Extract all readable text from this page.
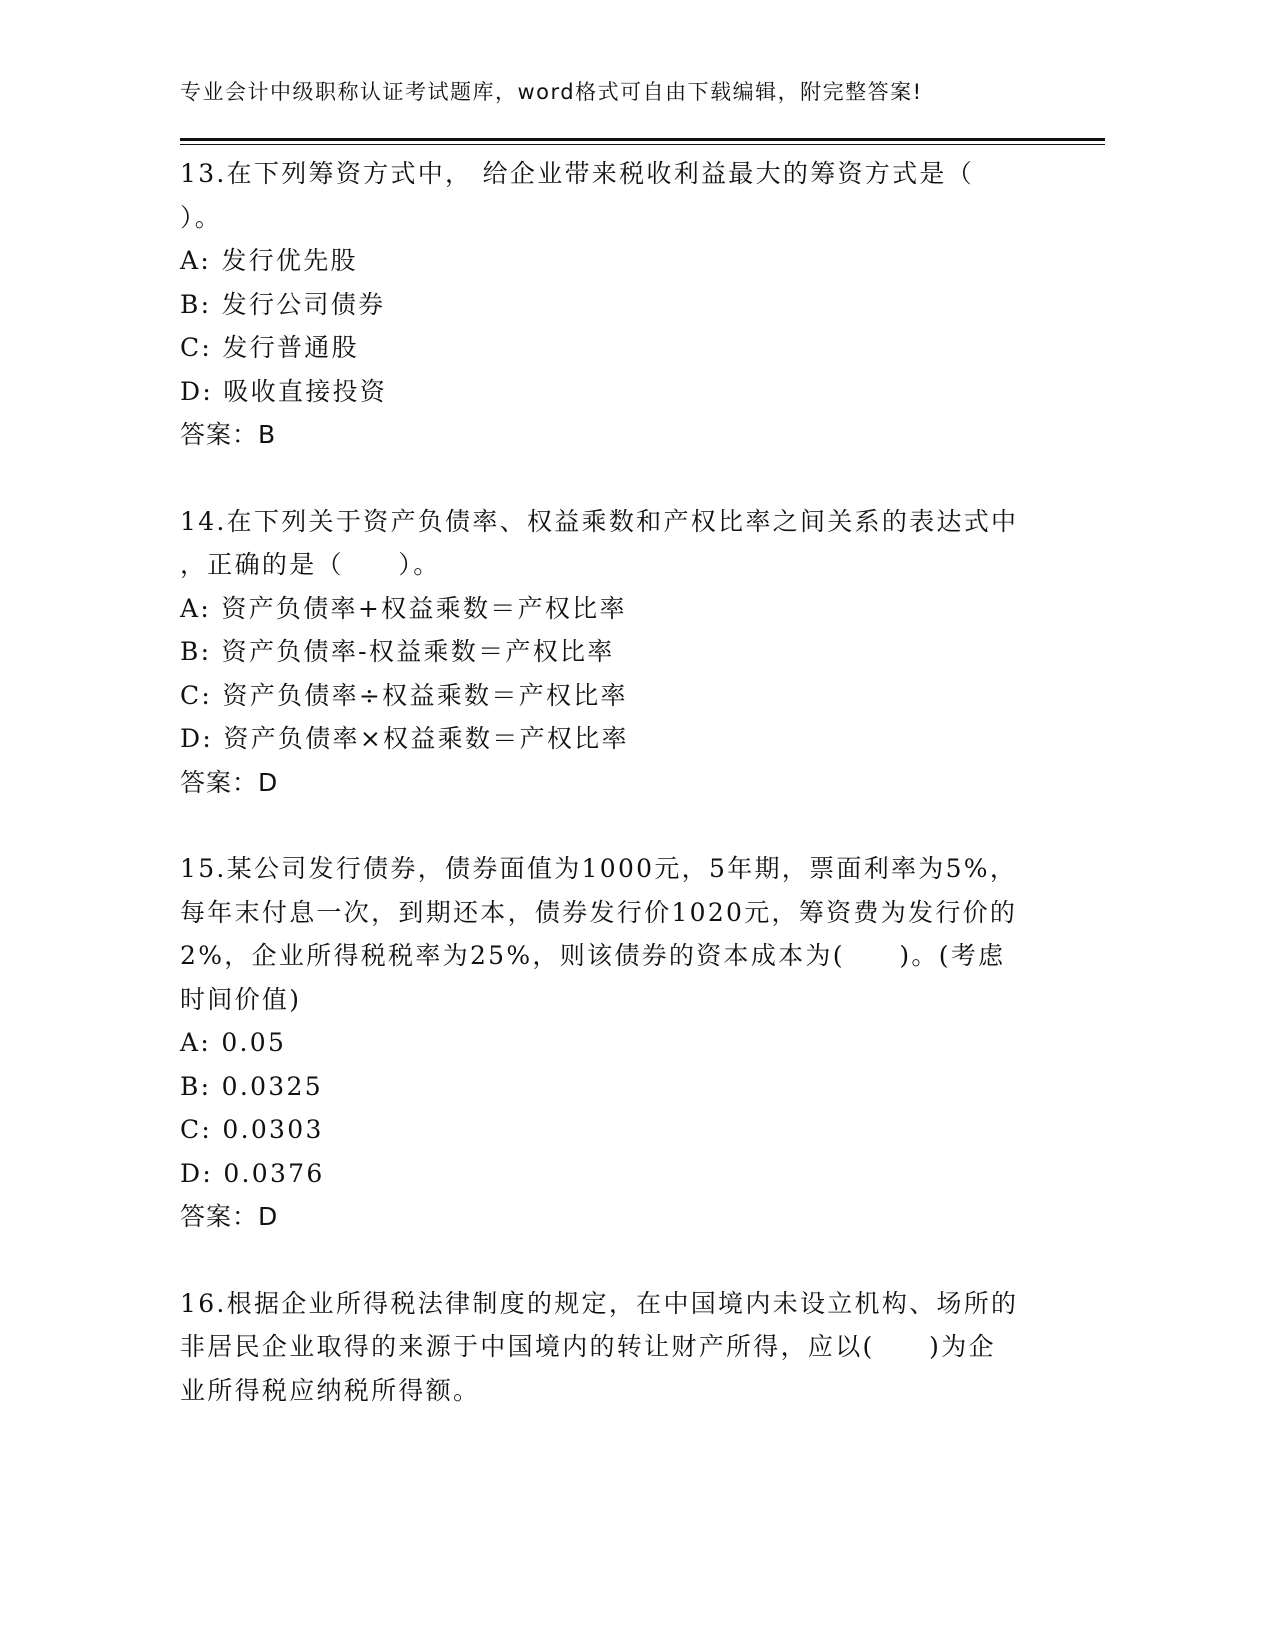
专业会计中级职称认证考试题库，word格式可自由下载编辑，附完整答案!
13.在下列筹资方式中， 给企业带来税收利益最大的筹资方式是（
）。
A: 发行优先股
B: 发行公司债券
C: 发行普通股
D: 吸收直接投资
答案：B
14.在下列关于资产负债率、权益乘数和产权比率之间关系的表达式中
，正确的是（　　）。
A: 资产负债率+权益乘数＝产权比率
B: 资产负债率-权益乘数＝产权比率
C: 资产负债率÷权益乘数＝产权比率
D: 资产负债率×权益乘数＝产权比率
答案：D
15.某公司发行债券，债券面值为1000元，5年期，票面利率为5%，
每年末付息一次，到期还本，债券发行价1020元，筹资费为发行价的
2%，企业所得税税率为25%，则该债券的资本成本为(　　)。(考虑
时间价值)
A: 0.05
B: 0.0325
C: 0.0303
D: 0.0376
答案：D
16.根据企业所得税法律制度的规定，在中国境内未设立机构、场所的
非居民企业取得的来源于中国境内的转让财产所得，应以(　　)为企
业所得税应纳税所得额。
